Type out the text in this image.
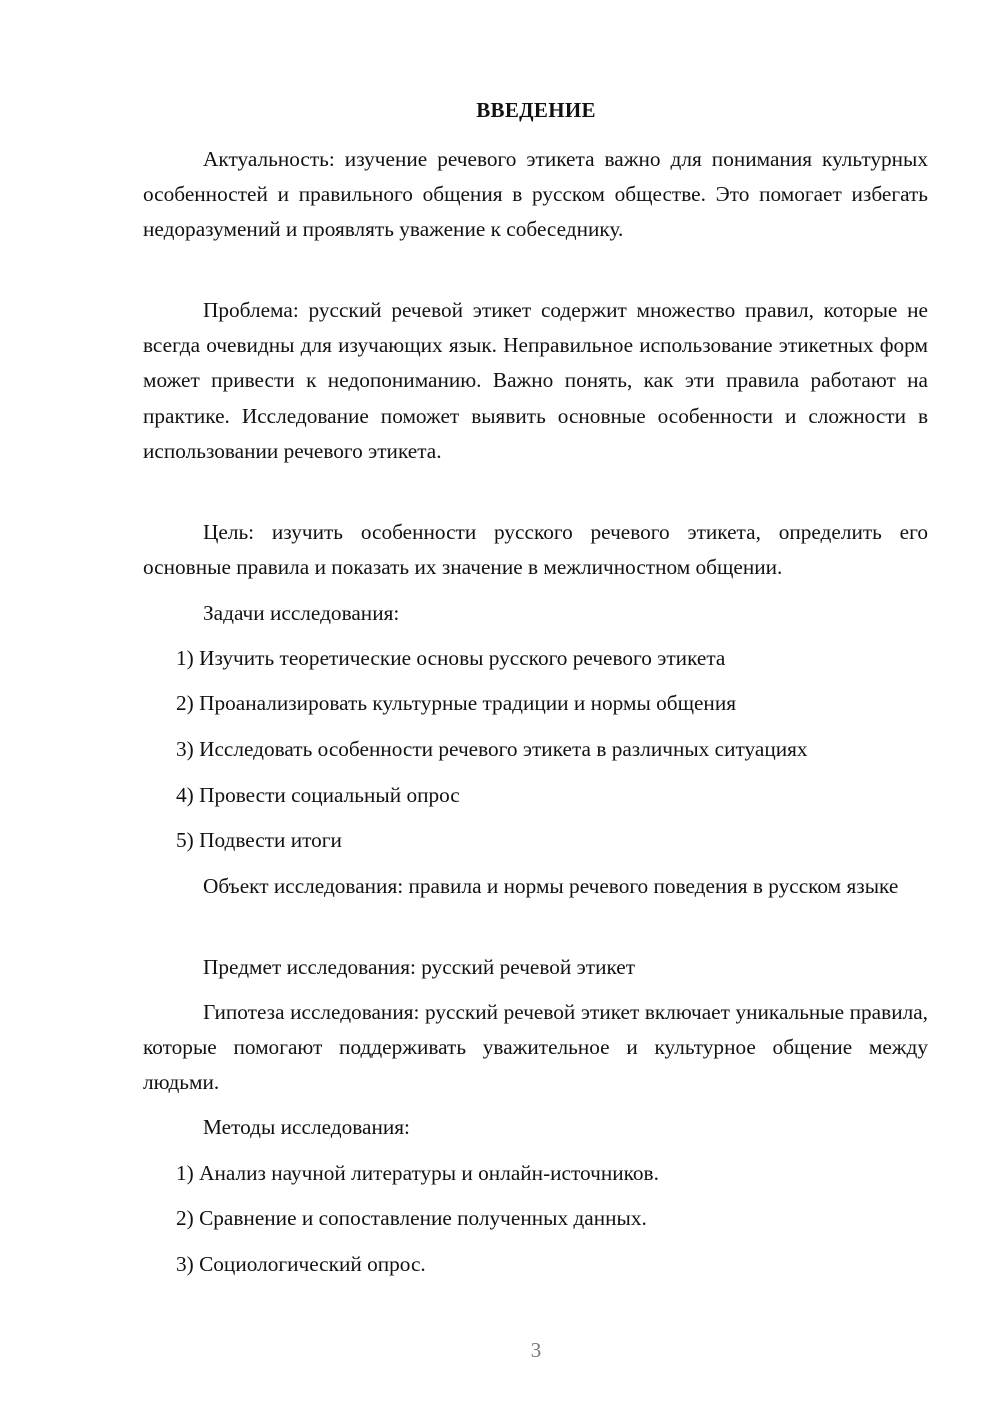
ВВЕДЕНИЕ

Актуальность: изучение речевого этикета важно для понимания культурных особенностей и правильного общения в русском обществе. Это помогает избегать недоразумений и проявлять уважение к собеседнику.

Проблема: русский речевой этикет содержит множество правил, которые не всегда очевидны для изучающих язык. Неправильное использование этикетных форм может привести к недопониманию. Важно понять, как эти правила работают на практике. Исследование поможет выявить основные особенности и сложности в использовании речевого этикета.

Цель: изучить особенности русского речевого этикета, определить его основные правила и показать их значение в межличностном общении.

Задачи исследования:

1) Изучить теоретические основы русского речевого этикета

2) Проанализировать культурные традиции и нормы общения

3) Исследовать особенности речевого этикета в различных ситуациях

4) Провести социальный опрос

5) Подвести итоги

Объект исследования: правила и нормы речевого поведения в русском языке

Предмет исследования: русский речевой этикет

Гипотеза исследования: русский речевой этикет включает уникальные правила, которые помогают поддерживать уважительное и культурное общение между людьми.

Методы исследования:

1) Анализ научной литературы и онлайн-источников.

2) Сравнение и сопоставление полученных данных.

3) Социологический опрос.

3
